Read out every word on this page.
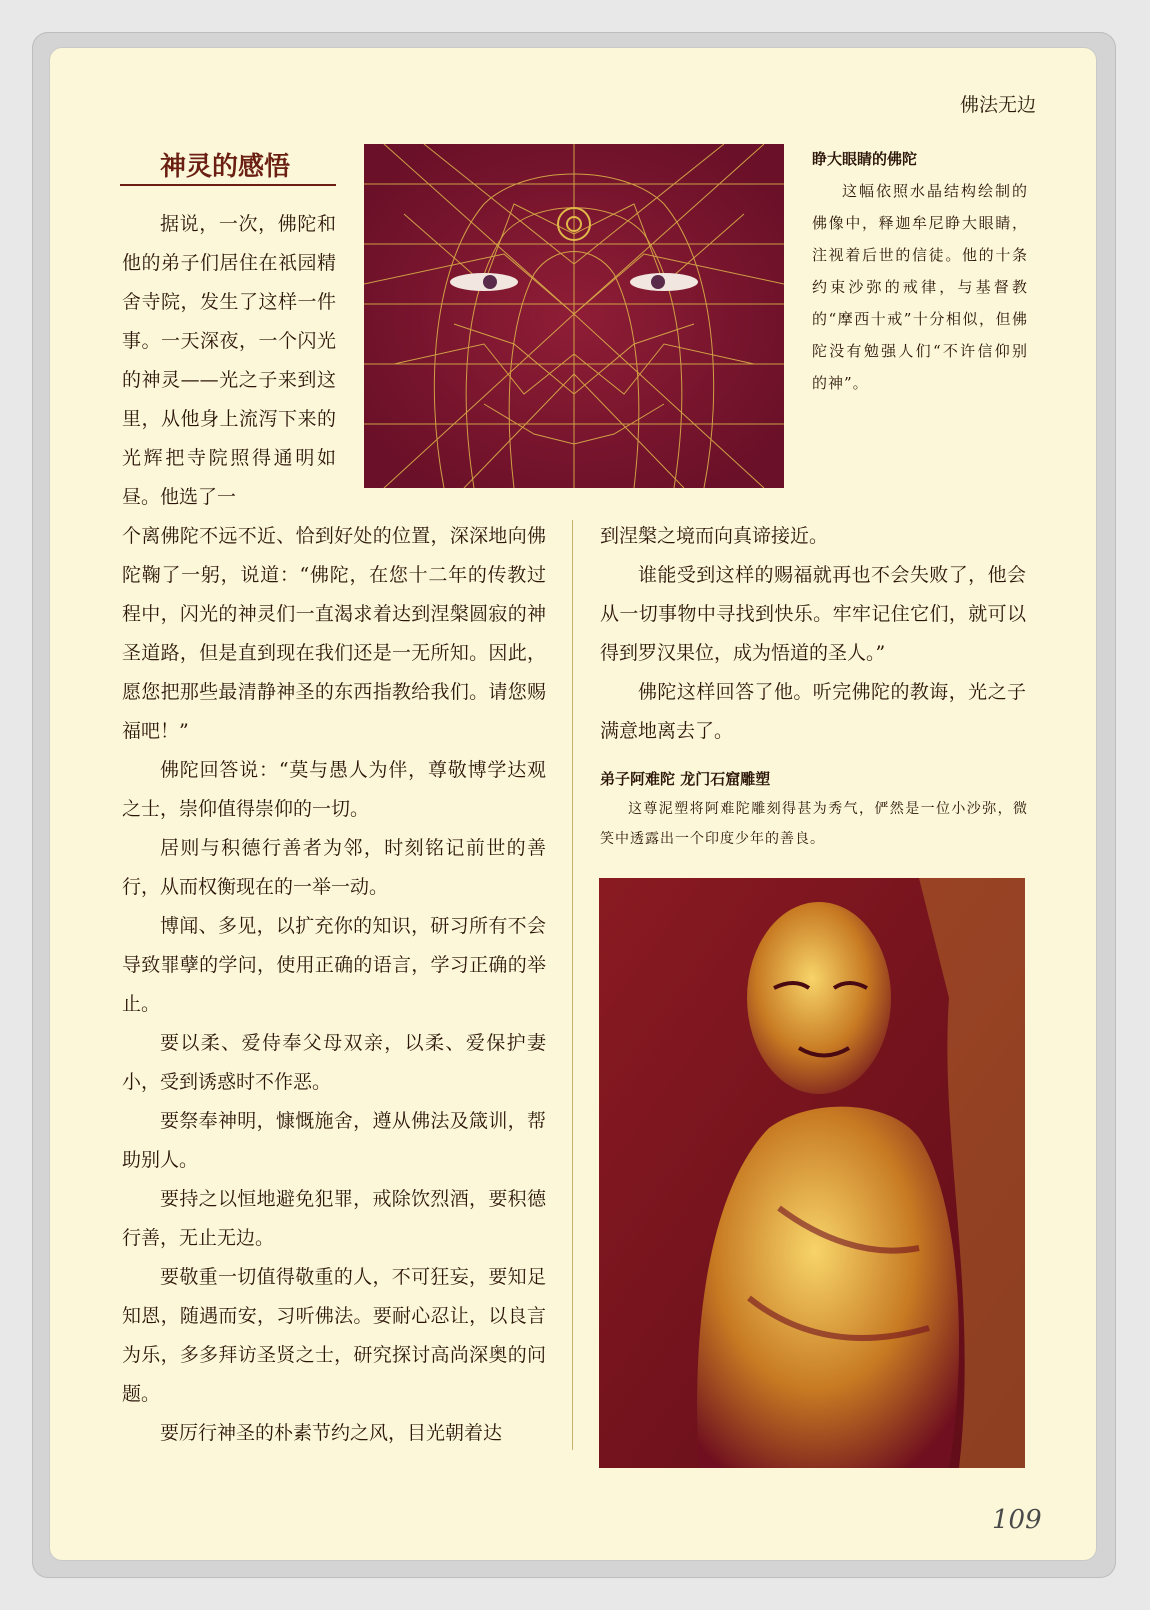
佛法无边
神灵的感悟	睁大眼睛的佛陀
这幅依照水晶结构绘制的佛像中，释迦牟尼睁大眼睛，注视着后世的信徒。他的十条约束沙弥的戒律，与基督教的“摩西十戒”十分相似，但佛陀没有勉强人们“不许信仰别的神”。

据说，一次，佛陀和他的弟子们居住在祇园精舍寺院，发生了这样一件事。一天深夜，一个闪光的神灵——光之子来到这里，从他身上流泻下来的光辉把寺院照得通明如昼。他选了一

个离佛陀不远不近、恰到好处的位置，深深地向佛陀鞠了一躬，说道：“佛陀，在您十二年的传教过程中，闪光的神灵们一直渴求着达到涅槃圆寂的神圣道路，但是直到现在我们还是一无所知。因此，愿您把那些最清静神圣的东西指教给我们。请您赐福吧！”

佛陀回答说：“莫与愚人为伴，尊敬博学达观之士，崇仰值得崇仰的一切。

居则与积德行善者为邻，时刻铭记前世的善行，从而权衡现在的一举一动。

博闻、多见，以扩充你的知识，研习所有不会导致罪孽的学问，使用正确的语言，学习正确的举止。

要以柔、爱侍奉父母双亲，以柔、爱保护妻小，受到诱惑时不作恶。

要祭奉神明，慷慨施舍，遵从佛法及箴训，帮助别人。

要持之以恒地避免犯罪，戒除饮烈酒，要积德行善，无止无边。

要敬重一切值得敬重的人，不可狂妄，要知足知恩，随遇而安，习听佛法。要耐心忍让，以良言为乐，多多拜访圣贤之士，研究探讨高尚深奥的问题。

要厉行神圣的朴素节约之风，目光朝着达

到涅槃之境而向真谛接近。

谁能受到这样的赐福就再也不会失败了，他会从一切事物中寻找到快乐。牢牢记住它们，就可以得到罗汉果位，成为悟道的圣人。”

佛陀这样回答了他。听完佛陀的教诲，光之子满意地离去了。

弟子阿难陀 龙门石窟雕塑
这尊泥塑将阿难陀雕刻得甚为秀气，俨然是一位小沙弥，微笑中透露出一个印度少年的善良。
109
